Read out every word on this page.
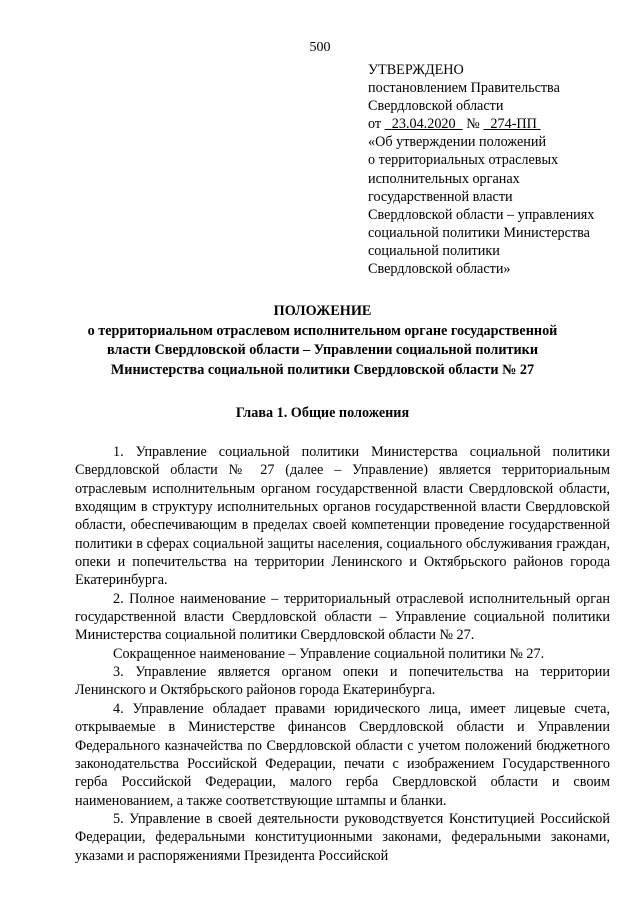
500
УТВЕРЖДЕНО
постановлением Правительства
Свердловской области
от 23.04.2020 № 274-ПП
«Об утверждении положений
о территориальных отраслевых
исполнительных органах
государственной власти
Свердловской области – управлениях
социальной политики Министерства
социальной политики
Свердловской области»
ПОЛОЖЕНИЕ
о территориальном отраслевом исполнительном органе государственной
власти Свердловской области – Управлении социальной политики
Министерства социальной политики Свердловской области № 27
Глава 1. Общие положения

1. Управление социальной политики Министерства социальной политики Свердловской области № 27 (далее – Управление) является территориальным отраслевым исполнительным органом государственной власти Свердловской области, входящим в структуру исполнительных органов государственной власти Свердловской области, обеспечивающим в пределах своей компетенции проведение государственной политики в сферах социальной защиты населения, социального обслуживания граждан, опеки и попечительства на территории Ленинского и Октябрьского районов города Екатеринбурга.

2. Полное наименование – территориальный отраслевой исполнительный орган государственной власти Свердловской области – Управление социальной политики Министерства социальной политики Свердловской области № 27.

Сокращенное наименование – Управление социальной политики № 27.

3. Управление является органом опеки и попечительства на территории Ленинского и Октябрьского районов города Екатеринбурга.

4. Управление обладает правами юридического лица, имеет лицевые счета, открываемые в Министерстве финансов Свердловской области и Управлении Федерального казначейства по Свердловской области с учетом положений бюджетного законодательства Российской Федерации, печати с изображением Государственного герба Российской Федерации, малого герба Свердловской области и своим наименованием, а также соответствующие штампы и бланки.

5. Управление в своей деятельности руководствуется Конституцией Российской Федерации, федеральными конституционными законами, федеральными законами, указами и распоряжениями Президента Российской
